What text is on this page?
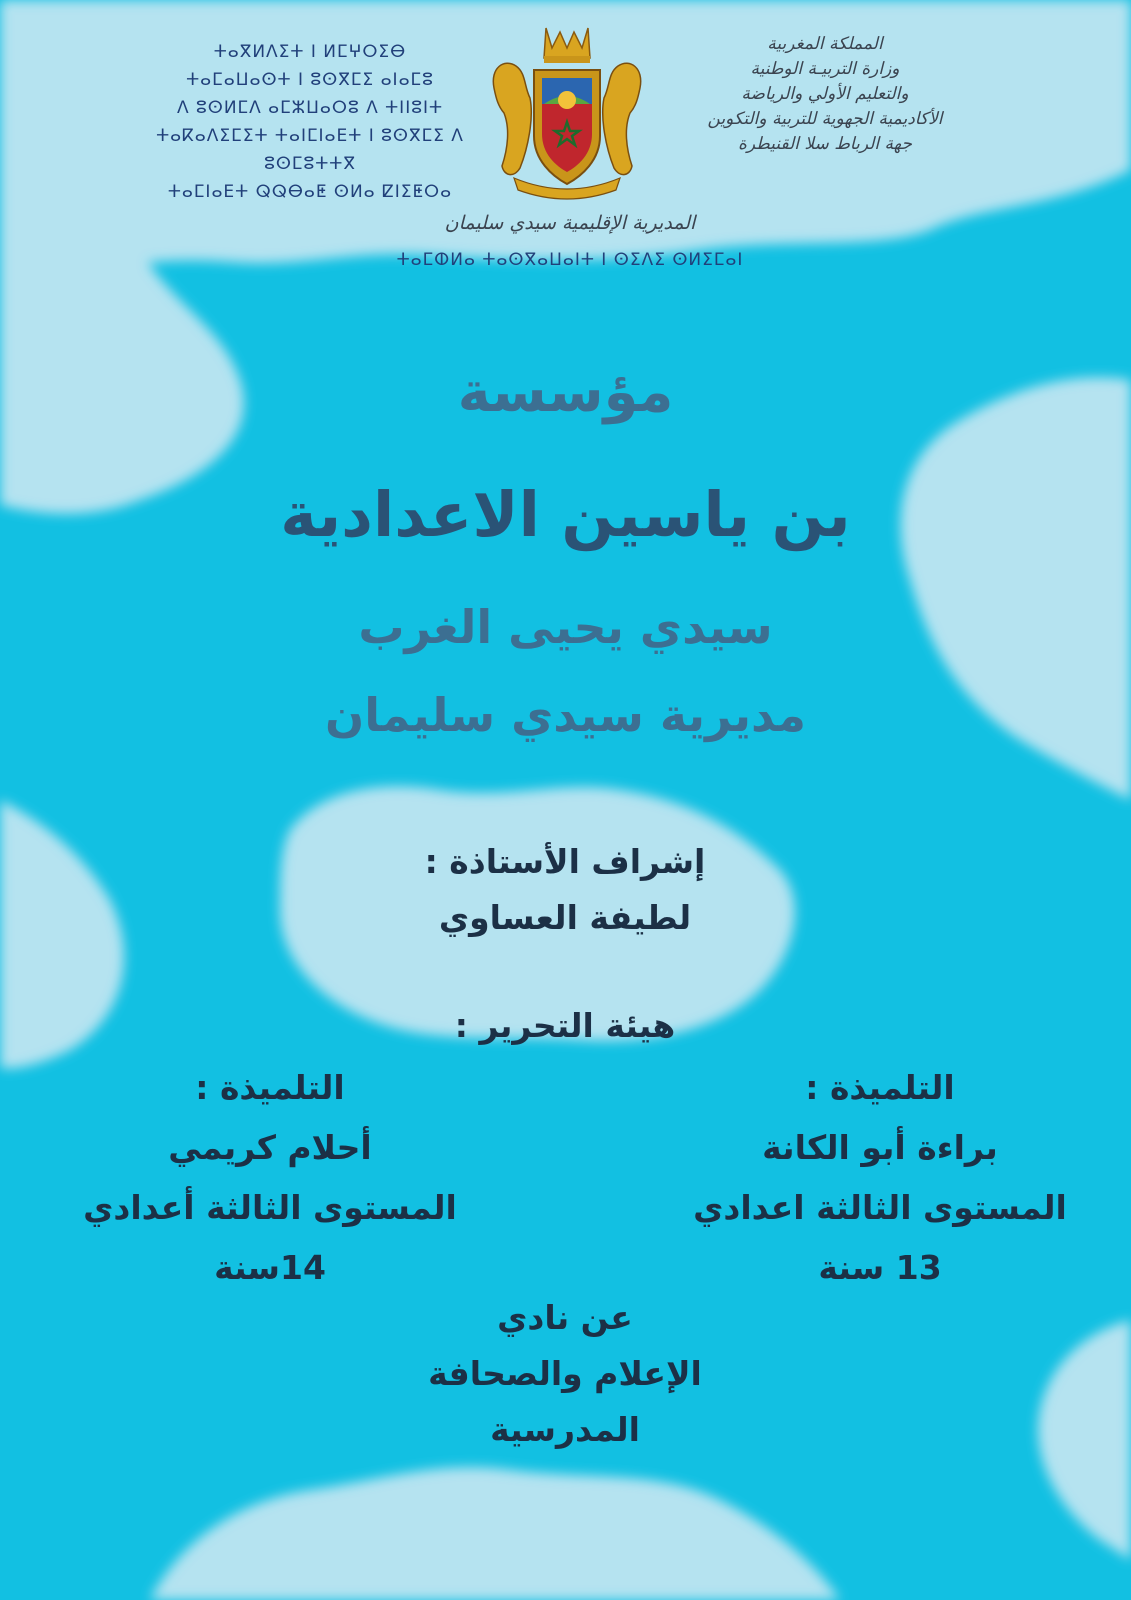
ⵜⴰⴳⵍⴷⵉⵜ ⵏ ⵍⵎⵖⵔⵉⴱ
ⵜⴰⵎⴰⵡⴰⵙⵜ ⵏ ⵓⵙⴳⵎⵉ ⴰⵏⴰⵎⵓ
ⴷ ⵓⵙⵍⵎⴷ ⴰⵎⵣⵡⴰⵔⵓ ⴷ ⵜⵏⵏⵓⵏⵜ
ⵜⴰⴽⴰⴷⵉⵎⵉⵜ ⵜⴰⵏⵎⵏⴰⴹⵜ ⵏ ⵓⵙⴳⵎⵉ ⴷ ⵓⵙⵎⵓⵜⵜⴳ
ⵜⴰⵎⵏⴰⴹⵜ ⵕⵕⴱⴰⵟ ⵙⵍⴰ ⵇⵏⵉⵟⵔⴰ
المملكة المغربية
وزارة التربيـة الوطنية
والتعليم الأولي والرياضة
الأكاديمية الجهوية للتربية والتكوين
جهة الرباط سلا القنيطرة
المديرية الإقليمية سيدي سليمان
ⵜⴰⵎⵀⵍⴰ ⵜⴰⵙⴳⴰⵡⴰⵏⵜ ⵏ ⵙⵉⴷⵉ ⵙⵍⵉⵎⴰⵏ
مؤسسة
بن ياسين الاعدادية
سيدي يحيى الغرب
مديرية سيدي سليمان
إشراف الأستاذة :
لطيفة العساوي
هيئة التحرير :
التلميذة :
براءة أبو الكانة
المستوى الثالثة اعدادي
13 سنة
التلميذة :
أحلام كريمي
المستوى الثالثة أعدادي
14سنة
عن نادي
الإعلام والصحافة
المدرسية
